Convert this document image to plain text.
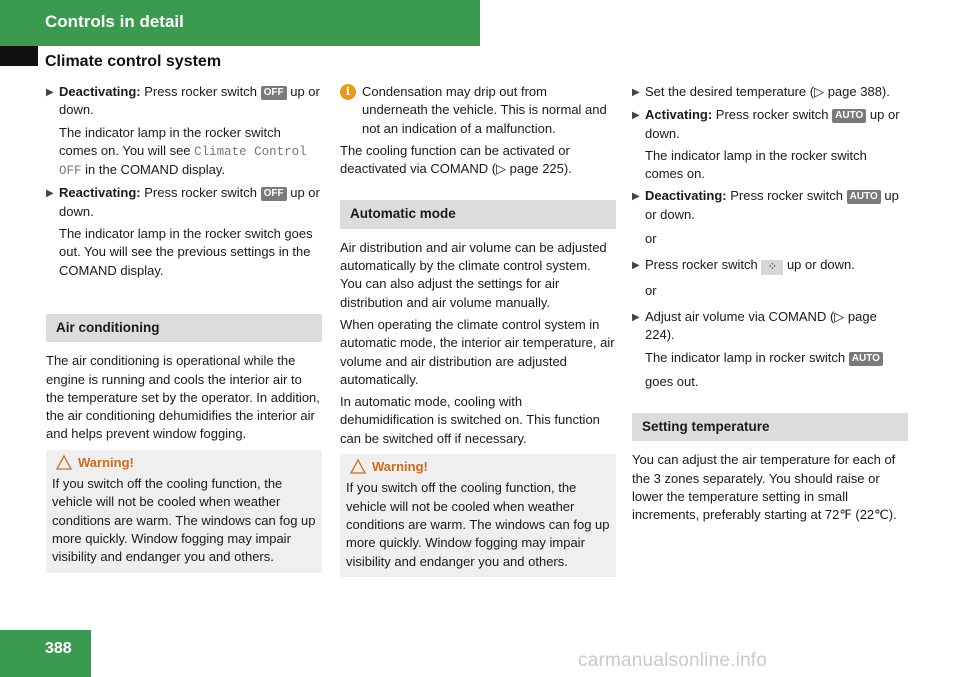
Controls in detail
Climate control system
▶ Deactivating: Press rocker switch OFF up or down.
The indicator lamp in the rocker switch comes on. You will see Climate Control OFF in the COMAND display.
▶ Reactivating: Press rocker switch OFF up or down.
The indicator lamp in the rocker switch goes out. You will see the previous settings in the COMAND display.
Air conditioning

The air conditioning is operational while the engine is running and cools the interior air to the temperature set by the operator. In addition, the air conditioning dehumidifies the interior air and helps prevent window fogging.

Warning!
If you switch off the cooling function, the vehicle will not be cooled when weather conditions are warm. The windows can fog up more quickly. Window fogging may impair visibility and endanger you and others.
i Condensation may drip out from underneath the vehicle. This is normal and not an indication of a malfunction.

The cooling function can be activated or deactivated via COMAND (▷ page 225).

Automatic mode

Air distribution and air volume can be adjusted automatically by the climate control system. You can also adjust the settings for air distribution and air volume manually.

When operating the climate control system in automatic mode, the interior air temperature, air volume and air distribution are adjusted automatically.

In automatic mode, cooling with dehumidification is switched on. This function can be switched off if necessary.

Warning!
If you switch off the cooling function, the vehicle will not be cooled when weather conditions are warm. The windows can fog up more quickly. Window fogging may impair visibility and endanger you and others.
▶ Set the desired temperature (▷ page 388).
▶ Activating: Press rocker switch AUTO up or down.
The indicator lamp in the rocker switch comes on.
▶ Deactivating: Press rocker switch AUTO up or down.
or
▶ Press rocker switch ⁘ up or down.
or
▶ Adjust air volume via COMAND (▷ page 224).
The indicator lamp in rocker switch AUTO
goes out.
Setting temperature

You can adjust the air temperature for each of the 3 zones separately. You should raise or lower the temperature setting in small increments, preferably starting at 72℉ (22℃).

388
carmanualsonline.info
